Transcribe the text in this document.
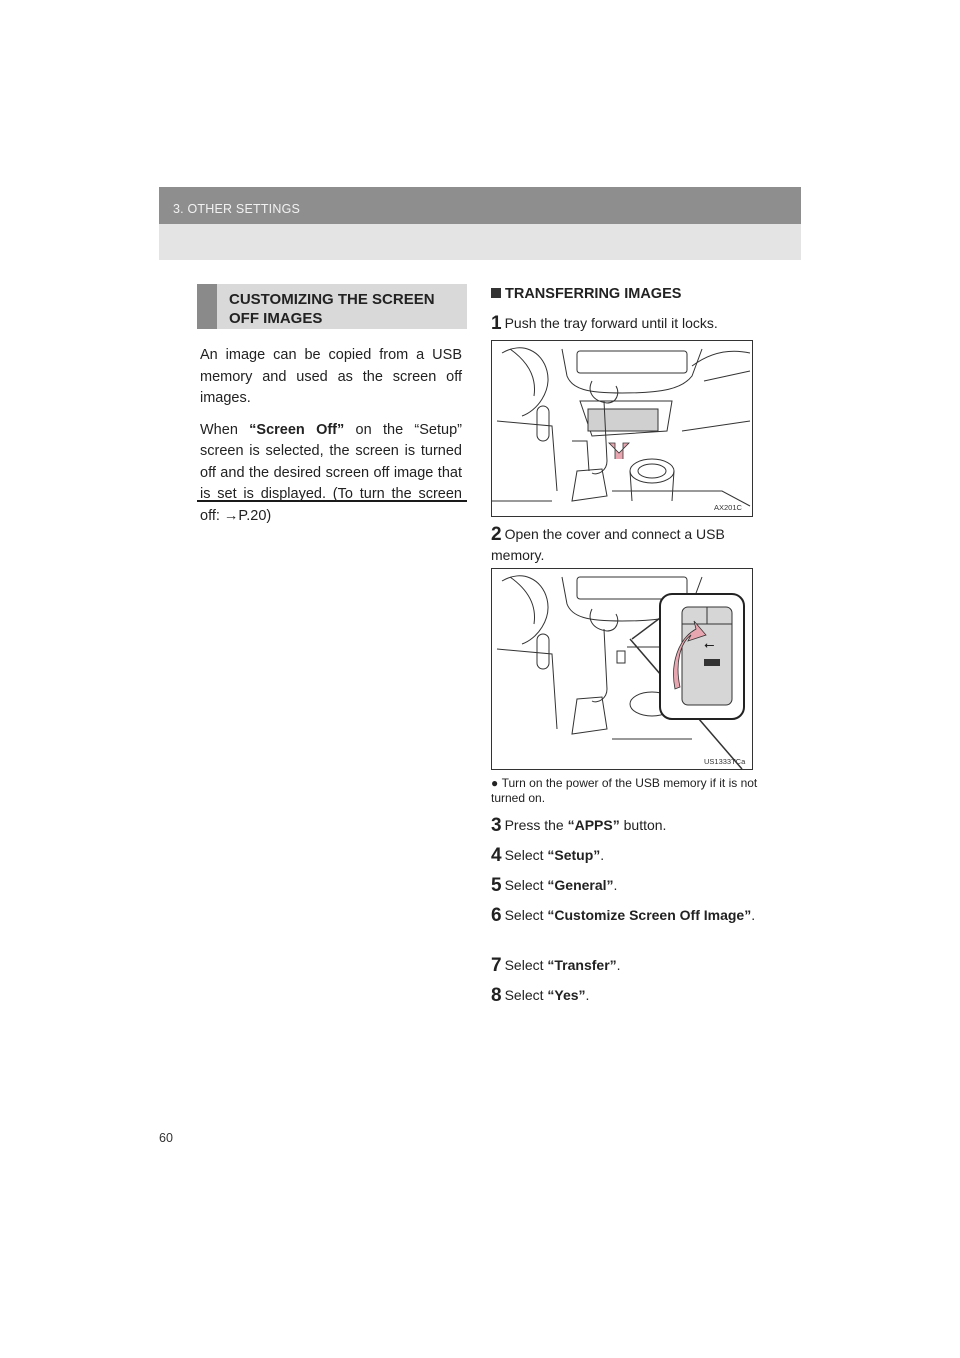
3. OTHER SETTINGS
CUSTOMIZING THE SCREEN OFF IMAGES

An image can be copied from a USB memory and used as the screen off images.

When “Screen Off” on the “Setup” screen is selected, the screen is turned off and the desired screen off image that is set is displayed. (To turn the screen off: →P.20)

TRANSFERRING IMAGES
1 Push the tray forward until it locks.
AX201C
2 Open the cover and connect a USB memory.
⭠
US1333TCa
● Turn on the power of the USB memory if it is not turned on.
3 Press the “APPS” button.
4 Select “Setup”.
5 Select “General”.
6 Select “Customize Screen Off Image”.
7 Select “Transfer”.
8 Select “Yes”.
60
